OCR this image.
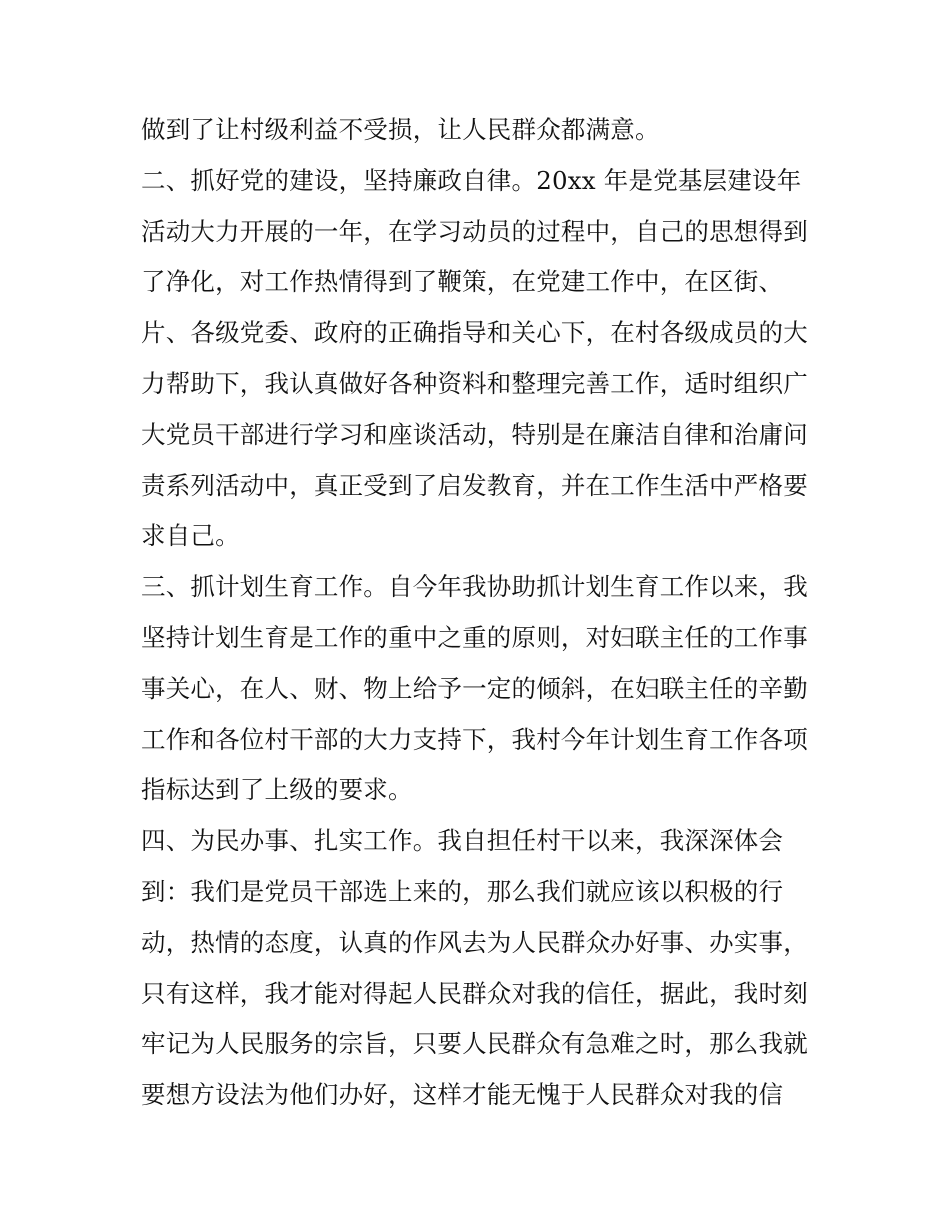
做到了让村级利益不受损，让人民群众都满意。
二、抓好党的建设，坚持廉政自律。20xx 年是党基层建设年
活动大力开展的一年，在学习动员的过程中，自己的思想得到
了净化，对工作热情得到了鞭策，在党建工作中，在区街、
片、各级党委、政府的正确指导和关心下，在村各级成员的大
力帮助下，我认真做好各种资料和整理完善工作，适时组织广
大党员干部进行学习和座谈活动，特别是在廉洁自律和治庸问
责系列活动中，真正受到了启发教育，并在工作生活中严格要
求自己。
三、抓计划生育工作。自今年我协助抓计划生育工作以来，我
坚持计划生育是工作的重中之重的原则，对妇联主任的工作事
事关心，在人、财、物上给予一定的倾斜，在妇联主任的辛勤
工作和各位村干部的大力支持下，我村今年计划生育工作各项
指标达到了上级的要求。
四、为民办事、扎实工作。我自担任村干以来，我深深体会
到：我们是党员干部选上来的，那么我们就应该以积极的行
动，热情的态度，认真的作风去为人民群众办好事、办实事，
只有这样，我才能对得起人民群众对我的信任，据此，我时刻
牢记为人民服务的宗旨，只要人民群众有急难之时，那么我就
要想方设法为他们办好，这样才能无愧于人民群众对我的信
